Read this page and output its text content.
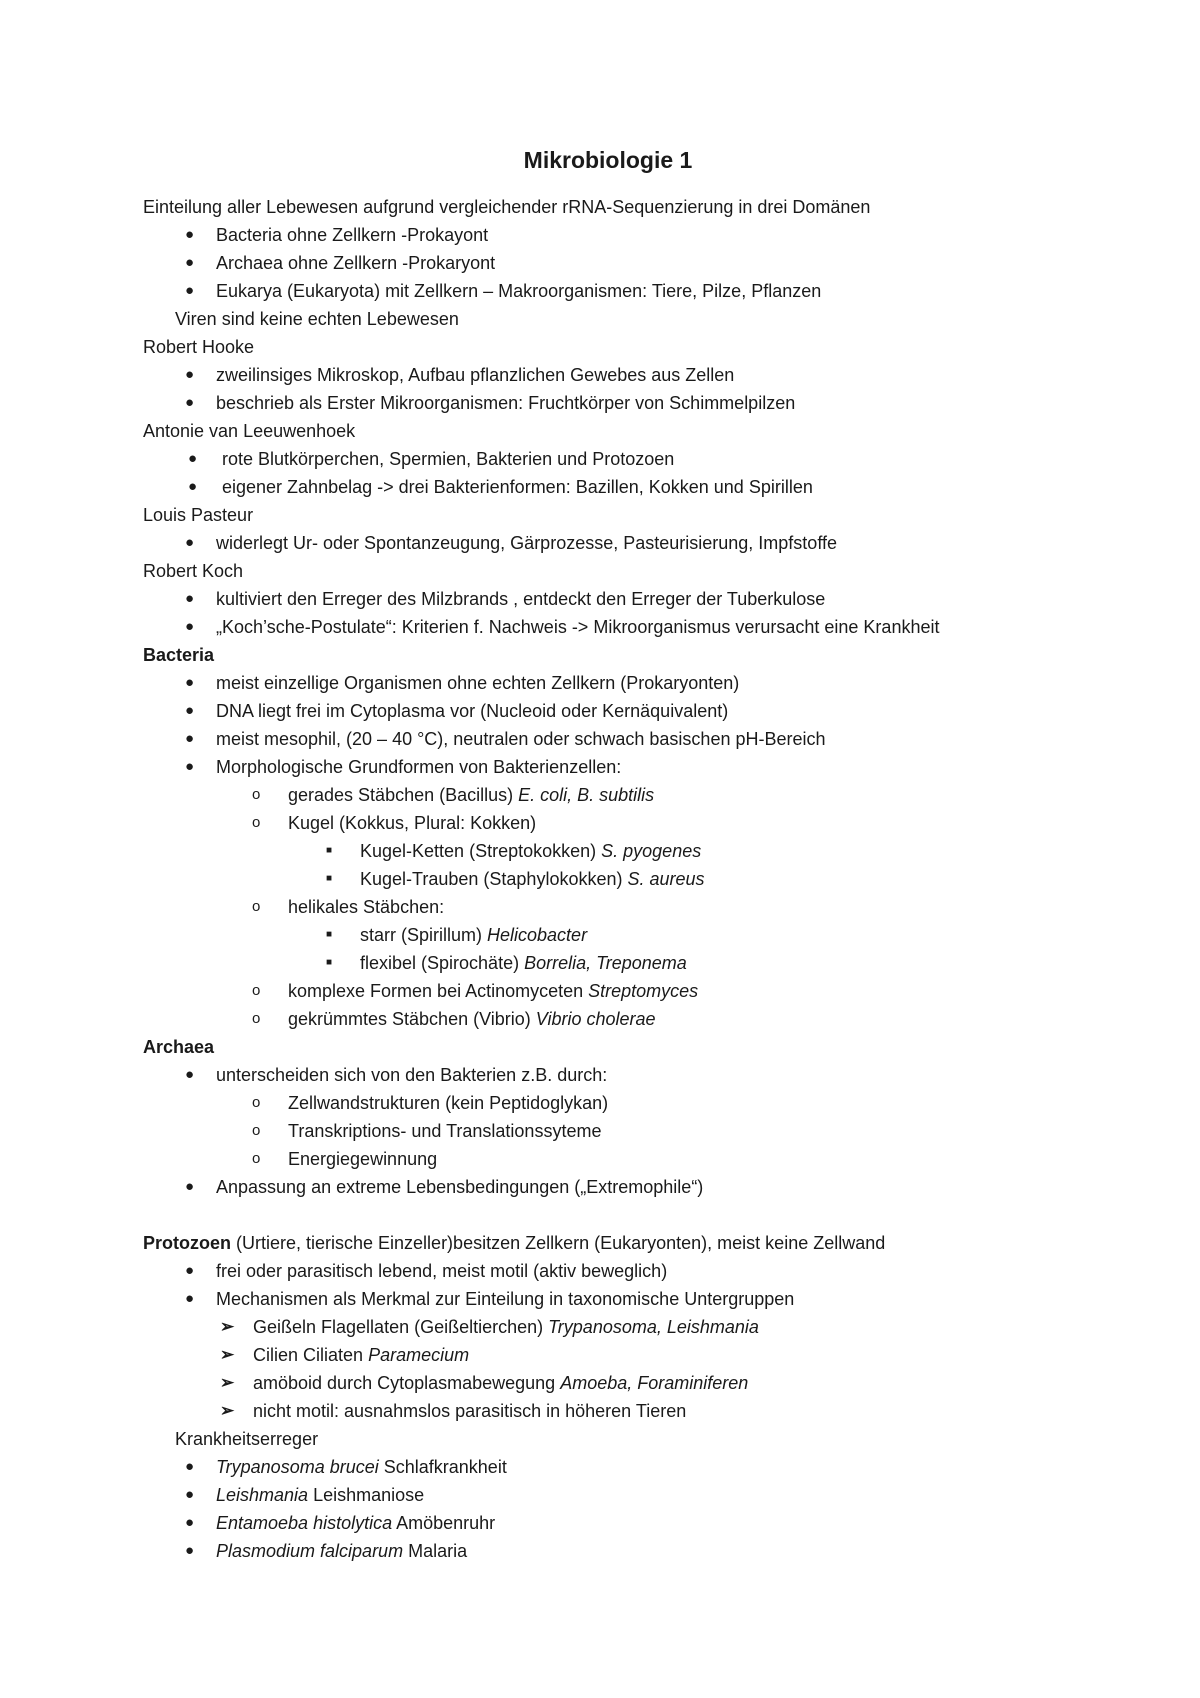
Mikrobiologie 1
Einteilung aller Lebewesen aufgrund vergleichender rRNA-Sequenzierung in drei Domänen
● Bacteria ohne Zellkern -Prokayont
● Archaea ohne Zellkern -Prokaryont
● Eukarya (Eukaryota) mit Zellkern – Makroorganismen: Tiere, Pilze, Pflanzen
Viren sind keine echten Lebewesen
Robert Hooke
● zweilinsiges Mikroskop, Aufbau pflanzlichen Gewebes aus Zellen
● beschrieb als Erster Mikroorganismen: Fruchtkörper von Schimmelpilzen
Antonie van Leeuwenhoek
● rote Blutkörperchen, Spermien, Bakterien und Protozoen
● eigener Zahnbelag -> drei Bakterienformen: Bazillen, Kokken und Spirillen
Louis Pasteur
● widerlegt Ur- oder Spontanzeugung, Gärprozesse, Pasteurisierung, Impfstoffe
Robert Koch
● kultiviert den Erreger des Milzbrands , entdeckt den Erreger der Tuberkulose
● „Koch’sche-Postulate“: Kriterien f. Nachweis -> Mikroorganismus verursacht eine Krankheit
Bacteria
● meist einzellige Organismen ohne echten Zellkern (Prokaryonten)
● DNA liegt frei im Cytoplasma vor (Nucleoid oder Kernäquivalent)
● meist mesophil, (20 – 40 °C), neutralen oder schwach basischen pH-Bereich
● Morphologische Grundformen von Bakterienzellen:
o gerades Stäbchen (Bacillus) E. coli, B. subtilis
o Kugel (Kokkus, Plural: Kokken)
■ Kugel-Ketten (Streptokokken) S. pyogenes
■ Kugel-Trauben (Staphylokokken) S. aureus
o helikales Stäbchen:
■ starr (Spirillum) Helicobacter
■ flexibel (Spirochäte) Borrelia, Treponema
o komplexe Formen bei Actinomyceten Streptomyces
o gekrümmtes Stäbchen (Vibrio) Vibrio cholerae
Archaea
● unterscheiden sich von den Bakterien z.B. durch:
o Zellwandstrukturen (kein Peptidoglykan)
o Transkriptions- und Translationssyteme
o Energiegewinnung
● Anpassung an extreme Lebensbedingungen („Extremophile“)
Protozoen (Urtiere, tierische Einzeller)besitzen Zellkern (Eukaryonten), meist keine Zellwand
● frei oder parasitisch lebend, meist motil (aktiv beweglich)
● Mechanismen als Merkmal zur Einteilung in taxonomische Untergruppen
➢ Geißeln Flagellaten (Geißeltierchen) Trypanosoma, Leishmania
➢ Cilien Ciliaten Paramecium
➢ amöboid durch Cytoplasmabewegung Amoeba, Foraminiferen
➢ nicht motil: ausnahmslos parasitisch in höheren Tieren
Krankheitserreger
● Trypanosoma brucei Schlafkrankheit
● Leishmania Leishmaniose
● Entamoeba histolytica Amöbenruhr
● Plasmodium falciparum Malaria
